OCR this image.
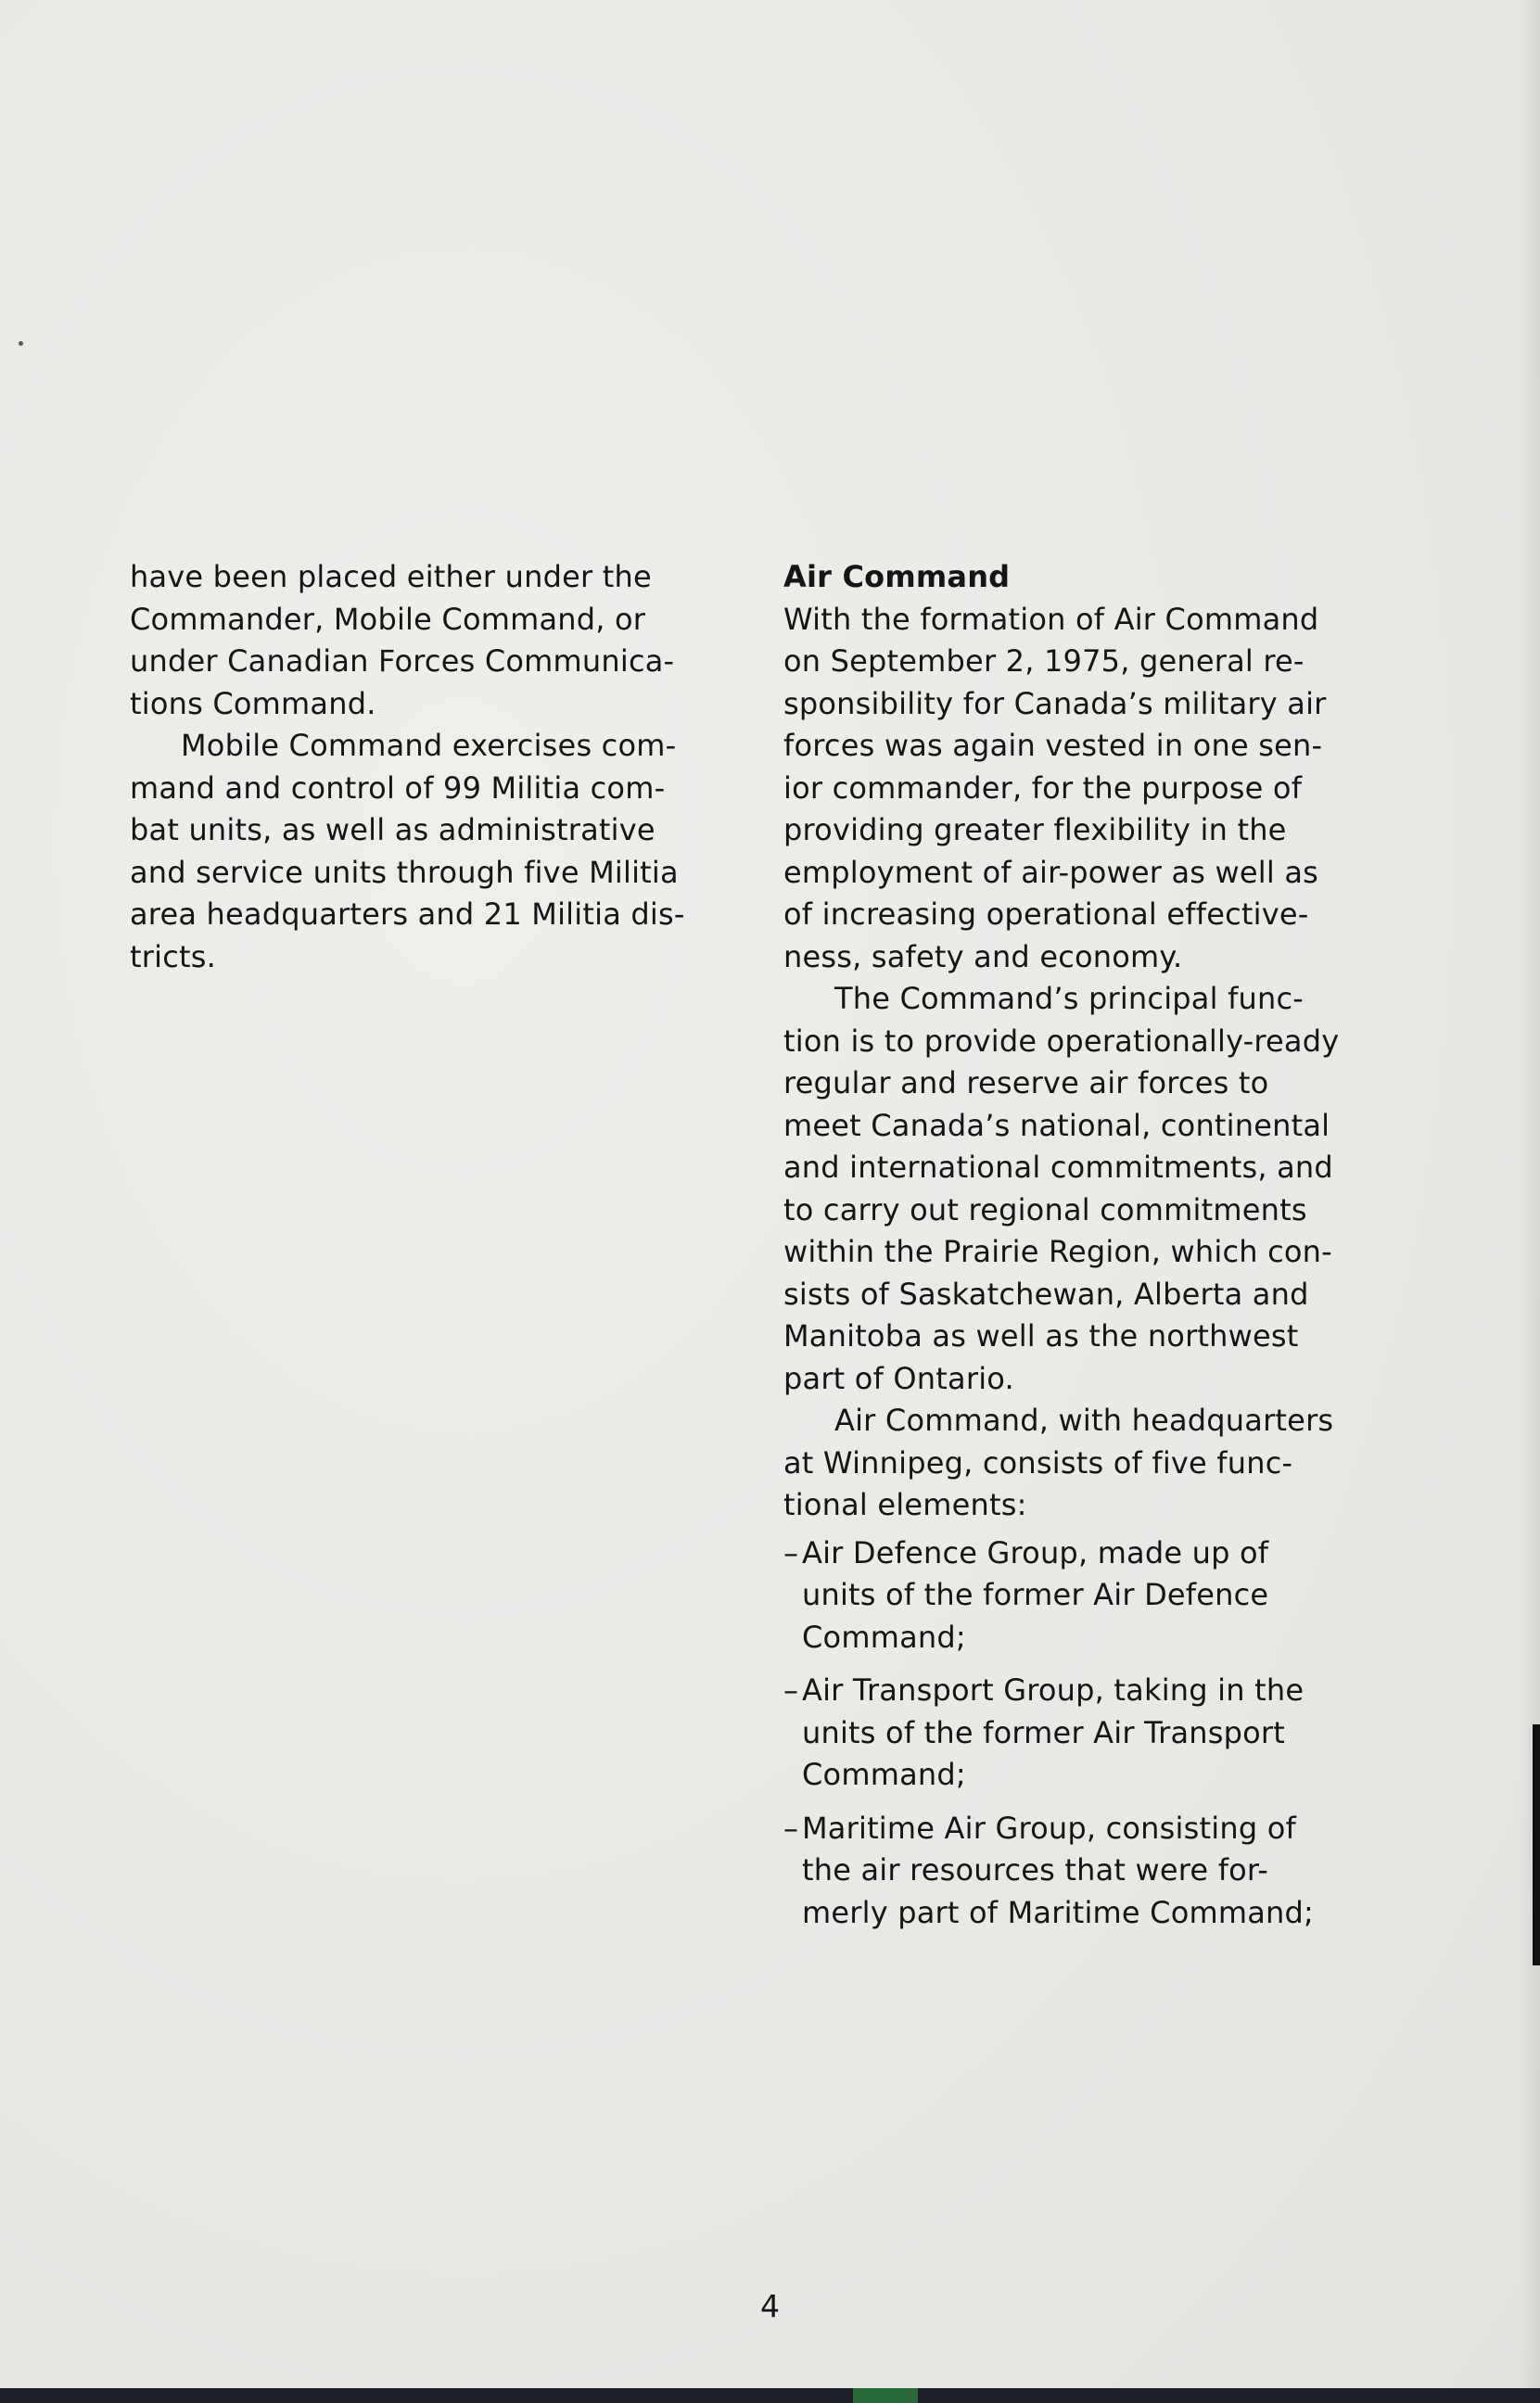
have been placed either under the
Commander, Mobile Command, or
under Canadian Forces Communica-
tions Command.

Mobile Command exercises com-
mand and control of 99 Militia com-
bat units, as well as administrative
and service units through five Militia
area headquarters and 21 Militia dis-
tricts.

Air Command

With the formation of Air Command
on September 2, 1975, general re-
sponsibility for Canada’s military air
forces was again vested in one sen-
ior commander, for the purpose of
providing greater flexibility in the
employment of air-power as well as
of increasing operational effective-
ness, safety and economy.

The Command’s principal func-
tion is to provide operationally-ready
regular and reserve air forces to
meet Canada’s national, continental
and international commitments, and
to carry out regional commitments
within the Prairie Region, which con-
sists of Saskatchewan, Alberta and
Manitoba as well as the northwest
part of Ontario.

Air Command, with headquarters
at Winnipeg, consists of five func-
tional elements:

– Air Defence Group, made up of
units of the former Air Defence
Command;
– Air Transport Group, taking in the
units of the former Air Transport
Command;
– Maritime Air Group, consisting of
the air resources that were for-
merly part of Maritime Command;
4
